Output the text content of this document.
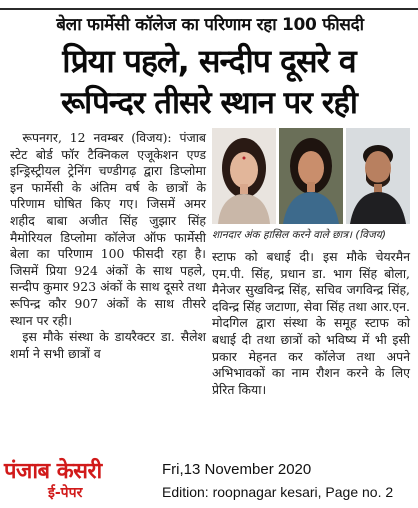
बेला फार्मेसी कॉलेज का परिणाम रहा 100 फीसदी
प्रिया पहले, सन्दीप दूसरे व
रूपिन्दर तीसरे स्थान पर रही

रूपनगर, 12 नवम्बर (विजय): पंजाब स्टेट बोर्ड फॉर टैक्निकल एजूकेशन एण्ड इन्ड्रिस्ट्रीयल ट्रेनिंग चण्डीगढ़ द्वारा डिप्लोमा इन फार्मेसी के अंतिम वर्ष के छात्रों के परिणाम घोषित किए गए। जिसमें अमर शहीद बाबा अजीत सिंह जुझार सिंह मैमोरियल डिप्लोमा कॉलेज ऑफ फार्मेसी बेला का परिणाम 100 फीसदी रहा है। जिसमें प्रिया 924 अंकों के साथ पहले, सन्दीप कुमार 923 अंकों के साथ दूसरे तथा रूपिन्द्र कौर 907 अंकों के साथ तीसरे स्थान पर रही।

इस मौके संस्था के डायरैक्टर डा. सैलेश शर्मा ने सभी छात्रों व

शानदार अंक हासिल करने वाले छात्र। (विजय)

स्टाफ को बधाई दी। इस मौके चेयरमैन एम.पी. सिंह, प्रधान डा. भाग सिंह बोला, मैनेजर सुखविन्द्र सिंह, सचिव जगविन्द्र सिंह, दविन्द्र सिंह जटाणा, सेवा सिंह तथा आर.एन. मोदगिल द्वारा संस्था के समूह स्टाफ को बधाई दी तथा छात्रों को भविष्य में भी इसी प्रकार मेहनत कर कॉलेज तथा अपने अभिभावकों का नाम रौशन करने के लिए प्रेरित किया।

पंजाब केसरी
ई-पेपर
Fri,13 November 2020
Edition: roopnagar kesari, Page no. 2
